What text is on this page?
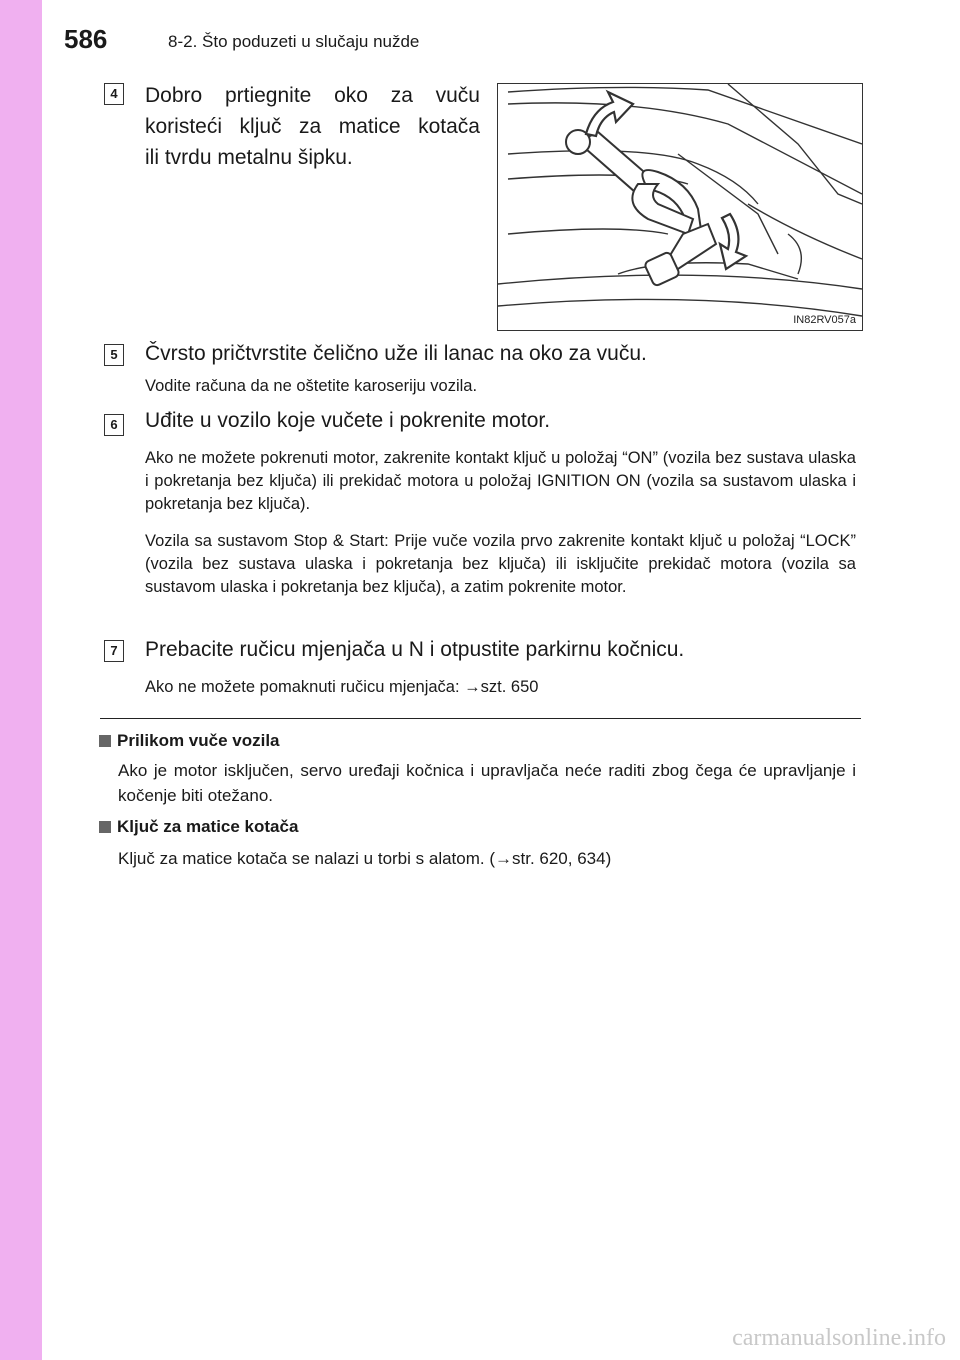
586	8-2. Što poduzeti u slučaju nužde
4	Dobro prtiegnite oko za vuču
koristeći ključ za matice kotača
ili tvrdu metalnu šipku.
IN82RV057a
5	Čvrsto pričtvrstite čelično uže ili lanac na oko za vuču.
Vodite računa da ne oštetite karoseriju vozila.
6	Uđite u vozilo koje vučete i pokrenite motor.
Ako ne možete pokrenuti motor, zakrenite kontakt ključ u položaj “ON” (vozila bez sustava ulaska i pokretanja bez ključa) ili prekidač motora u položaj IGNITION ON (vozila sa sustavom ulaska i pokretanja bez ključa).
Vozila sa sustavom Stop & Start: Prije vuče vozila prvo zakrenite kontakt ključ u položaj “LOCK” (vozila bez sustava ulaska i pokretanja bez ključa) ili isključite prekidač motora (vozila sa sustavom ulaska i pokretanja bez ključa), a zatim pokrenite motor.
7	Prebacite ručicu mjenjača u N i otpustite parkirnu kočnicu.
Ako ne možete pomaknuti ručicu mjenjača: →szt. 650
Prilikom vuče vozila
Ako je motor isključen, servo uređaji kočnica i upravljača neće raditi zbog čega će upravljanje i kočenje biti otežano.
Ključ za matice kotača
Ključ za matice kotača se nalazi u torbi s alatom. (→str. 620, 634)
carmanualsonline.info
